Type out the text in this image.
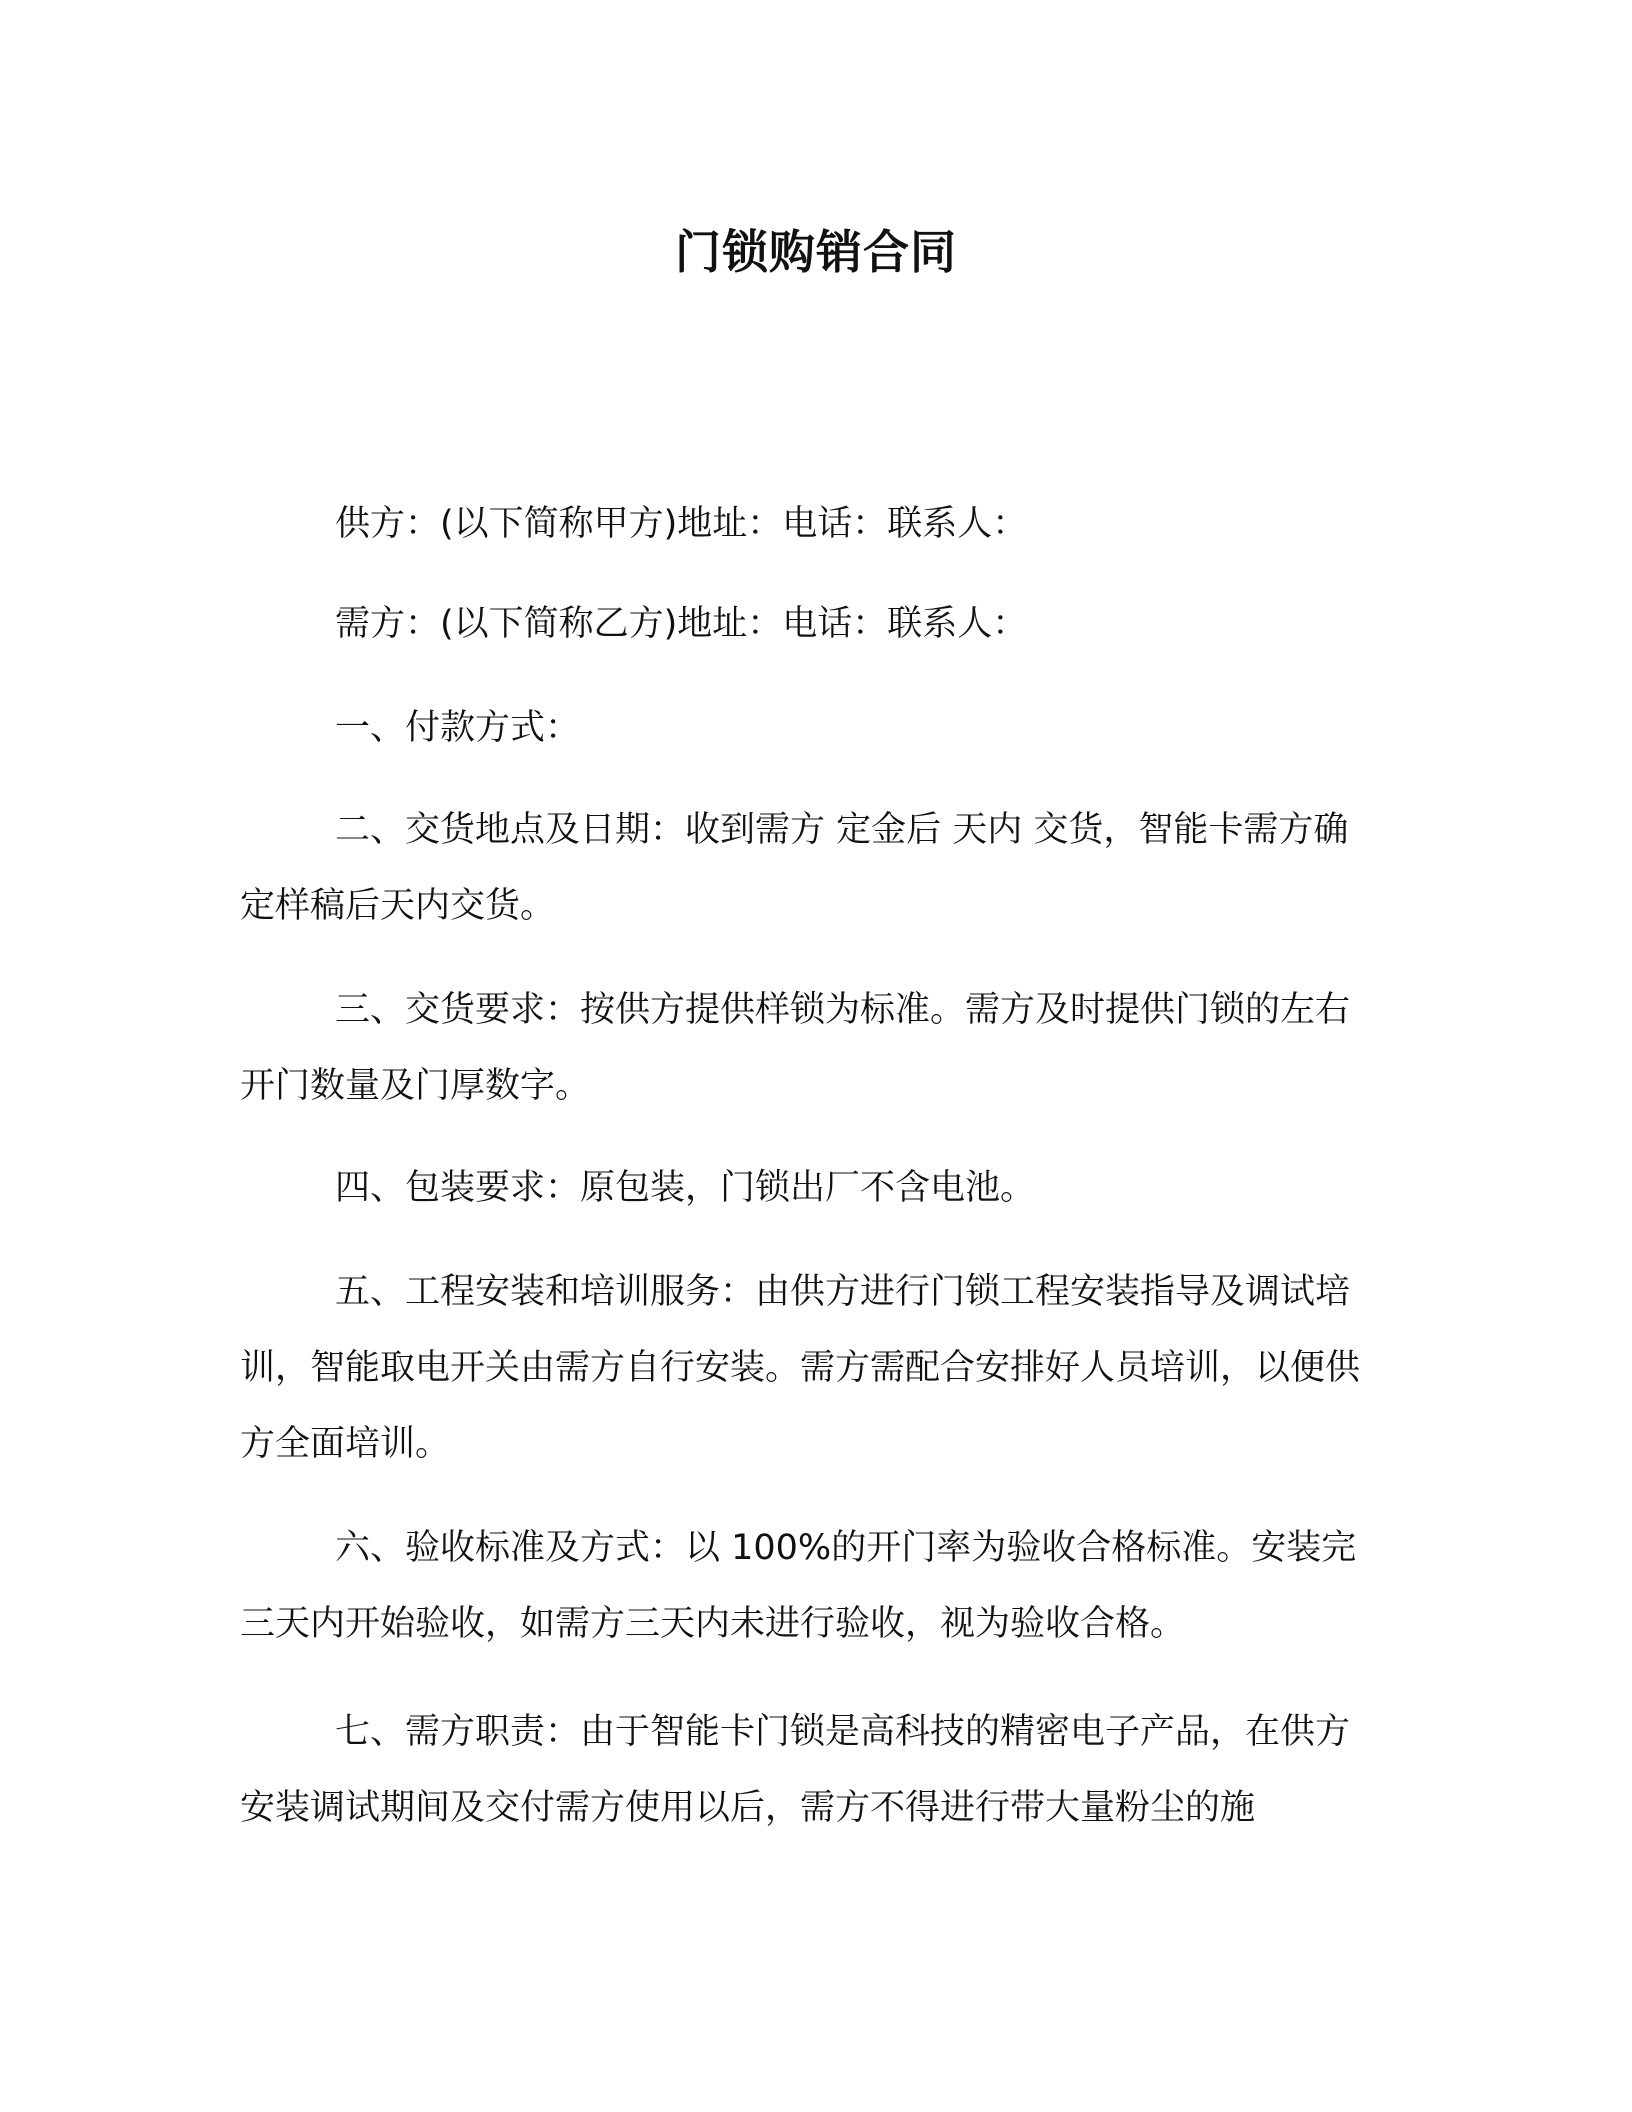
门锁购销合同

供方：(以下简称甲方)地址：电话：联系人：

需方：(以下简称乙方)地址：电话：联系人：

一、付款方式：

二、交货地点及日期：收到需方 定金后 天内 交货，智能卡需方确定样稿后天内交货。

三、交货要求：按供方提供样锁为标准。需方及时提供门锁的左右开门数量及门厚数字。

四、包装要求：原包装，门锁出厂不含电池。

五、工程安装和培训服务：由供方进行门锁工程安装指导及调试培训，智能取电开关由需方自行安装。需方需配合安排好人员培训，以便供方全面培训。

六、验收标准及方式：以 100%的开门率为验收合格标准。安装完三天内开始验收，如需方三天内未进行验收，视为验收合格。

七、需方职责：由于智能卡门锁是高科技的精密电子产品，在供方安装调试期间及交付需方使用以后，需方不得进行带大量粉尘的施
